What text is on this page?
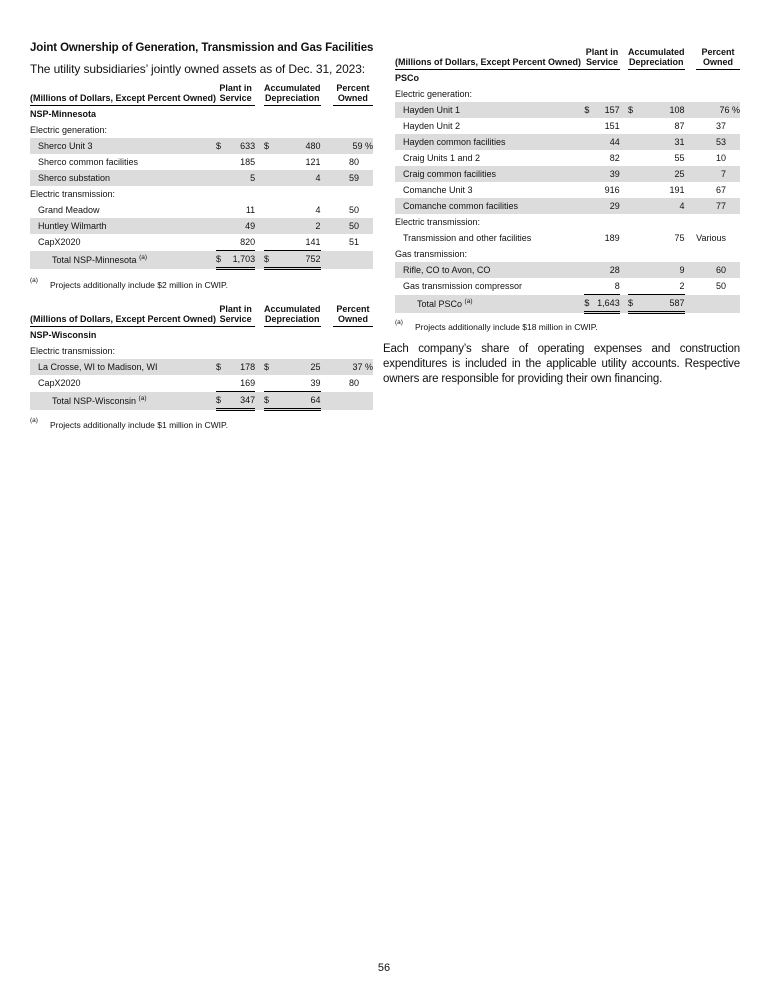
Joint Ownership of Generation, Transmission and Gas Facilities
The utility subsidiaries’ jointly owned assets as of Dec. 31, 2023:
(Millions of Dollars, Except Percent Owned)	Plant in
Service			Accumulated
Depreciation			Percent
Owned
NSP-Minnesota							
Electric generation:							
Sherco Unit 3	$	633		$	480		59 %
Sherco common facilities		185			121		80
Sherco substation		5			4		59
Electric transmission:							
Grand Meadow		11			4		50
Huntley Wilmarth		49			2		50
CapX2020		820			141		51
Total NSP-Minnesota $^{(a)}$	$	1,703		$	752		
(a) Projects additionally include $2 million in CWIP.
(Millions of Dollars, Except Percent Owned)	Plant in
Service			Accumulated
Depreciation			Percent
Owned
NSP-Wisconsin							
Electric transmission:							
La Crosse, WI to Madison, WI	$	178		$	25		37 %
CapX2020		169			39		80
Total NSP-Wisconsin $^{(a)}$	$	347		$	64		
(a) Projects additionally include $1 million in CWIP.
(Millions of Dollars, Except Percent Owned)	Plant in
Service			Accumulated
Depreciation			Percent
Owned
PSCo							
Electric generation:							
Hayden Unit 1	$	157		$	108		76 %
Hayden Unit 2		151			87		37
Hayden common facilities		44			31		53
Craig Units 1 and 2		82			55		10
Craig common facilities		39			25		7
Comanche Unit 3		916			191		67
Comanche common facilities		29			4		77
Electric transmission:							
Transmission and other facilities		189			75		Various
Gas transmission:							
Rifle, CO to Avon, CO		28			9		60
Gas transmission compressor		8			2		50
Total PSCo $^{(a)}$	$	1,643		$	587		
(a) Projects additionally include $18 million in CWIP.
Each company’s share of operating expenses and construction expenditures is included in the applicable utility accounts. Respective owners are responsible for providing their own financing.
56
